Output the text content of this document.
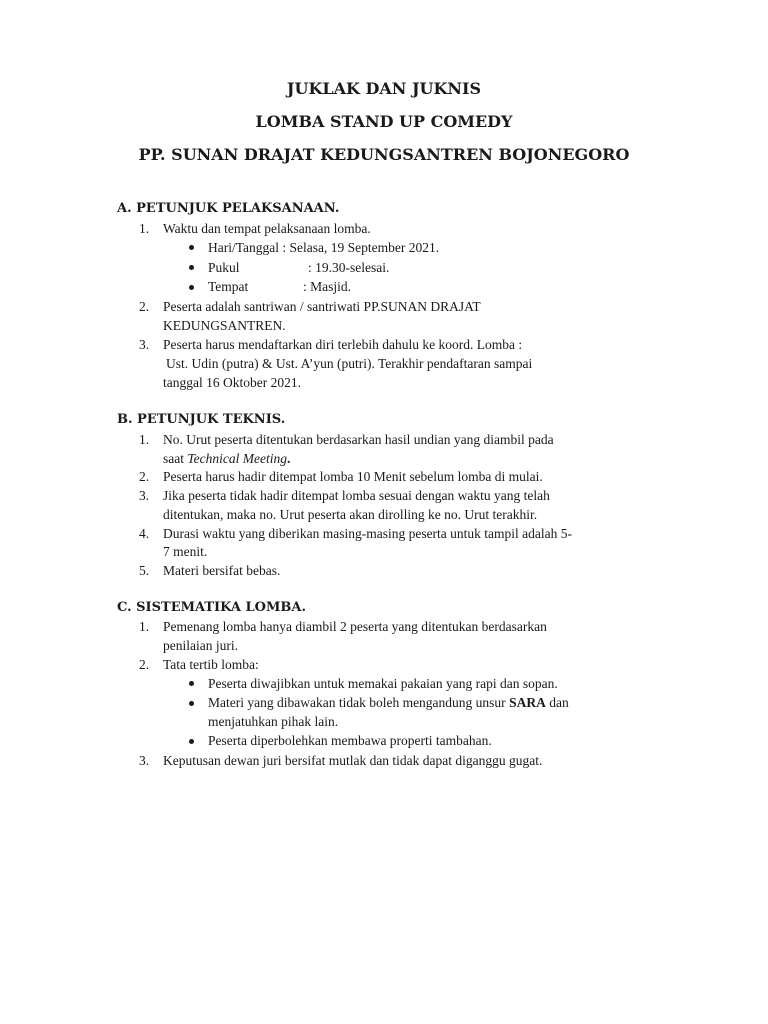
JUKLAK DAN JUKNIS
LOMBA STAND UP COMEDY
PP. SUNAN DRAJAT KEDUNGSANTREN BOJONEGORO
A. PETUNJUK PELAKSANAAN.
1. Waktu dan tempat pelaksanaan lomba.
Hari/Tanggal : Selasa, 19 September 2021.
Pukul	: 19.30-selesai.
Tempat	: Masjid.
2. Peserta adalah santriwan / santriwati PP.SUNAN DRAJAT
KEDUNGSANTREN.
3. Peserta harus mendaftarkan diri terlebih dahulu ke koord. Lomba :
Ust. Udin (putra) & Ust. A’yun (putri). Terakhir pendaftaran sampai
tanggal 16 Oktober 2021.
B. PETUNJUK TEKNIS.
1. No. Urut peserta ditentukan berdasarkan hasil undian yang diambil pada
saat Technical Meeting.
2. Peserta harus hadir ditempat lomba 10 Menit sebelum lomba di mulai.
3. Jika peserta tidak hadir ditempat lomba sesuai dengan waktu yang telah
ditentukan, maka no. Urut peserta akan dirolling ke no. Urut terakhir.
4. Durasi waktu yang diberikan masing-masing peserta untuk tampil adalah 5-
7 menit.
5. Materi bersifat bebas.
C. SISTEMATIKA LOMBA.
1. Pemenang lomba hanya diambil 2 peserta yang ditentukan berdasarkan
penilaian juri.
2. Tata tertib lomba:
Peserta diwajibkan untuk memakai pakaian yang rapi dan sopan.
Materi yang dibawakan tidak boleh mengandung unsur SARA dan
menjatuhkan pihak lain.
Peserta diperbolehkan membawa properti tambahan.
3. Keputusan dewan juri bersifat mutlak dan tidak dapat diganggu gugat.
